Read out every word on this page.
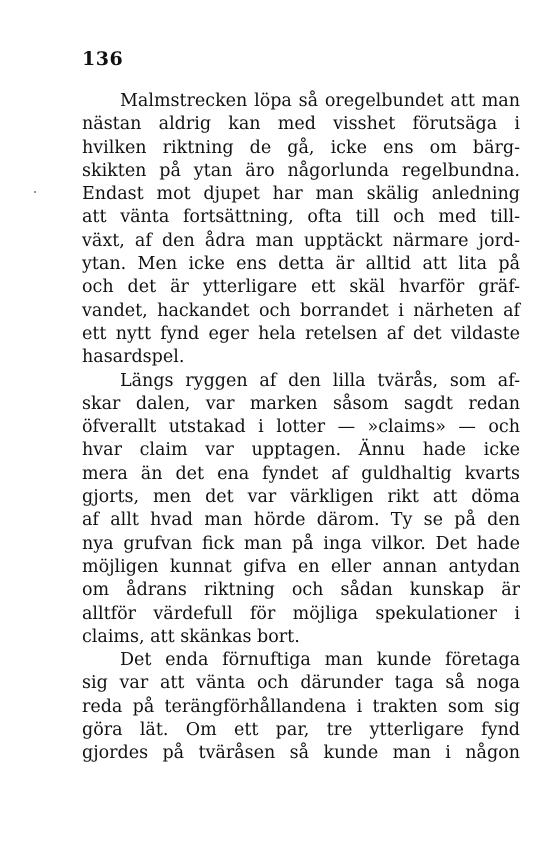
136
Malmstrecken löpa så oregelbundet att man
nästan aldrig kan med visshet förutsäga i
hvilken riktning de gå, icke ens om bärg-
skikten på ytan äro någorlunda regelbundna.
Endast mot djupet har man skälig anledning
att vänta fortsättning, ofta till och med till-
växt, af den ådra man upptäckt närmare jord-
ytan. Men icke ens detta är alltid att lita på
och det är ytterligare ett skäl hvarför gräf-
vandet, hackandet och borrandet i närheten af
ett nytt fynd eger hela retelsen af det vildaste
hasardspel.
Längs ryggen af den lilla tvärås, som af-
skar dalen, var marken såsom sagdt redan
öfverallt utstakad i lotter — »claims» — och
hvar claim var upptagen. Ännu hade icke
mera än det ena fyndet af guldhaltig kvarts
gjorts, men det var värkligen rikt att döma
af allt hvad man hörde därom. Ty se på den
nya grufvan fick man på inga vilkor. Det hade
möjligen kunnat gifva en eller annan antydan
om ådrans riktning och sådan kunskap är
alltför värdefull för möjliga spekulationer i
claims, att skänkas bort.
Det enda förnuftiga man kunde företaga
sig var att vänta och därunder taga så noga
reda på terängförhållandena i trakten som sig
göra lät. Om ett par, tre ytterligare fynd
gjordes på tväråsen så kunde man i någon
